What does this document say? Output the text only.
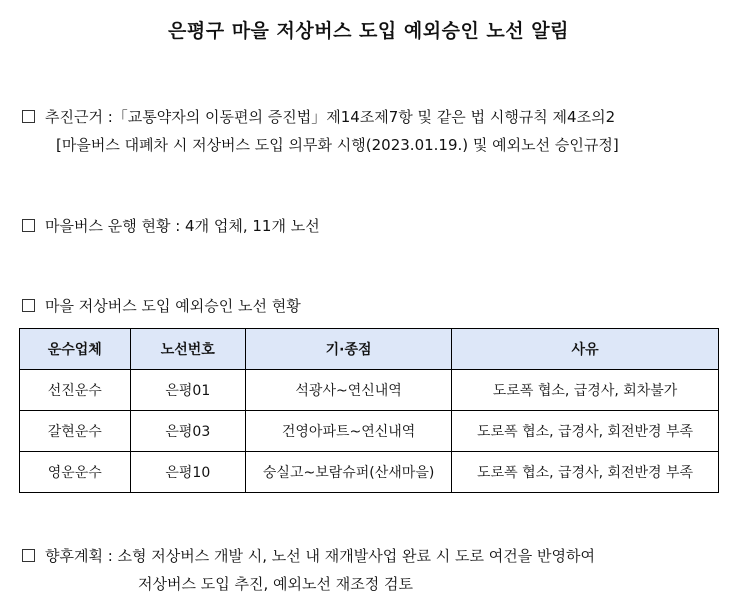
은평구 마을 저상버스 도입 예외승인 노선 알림
추진근거 :「교통약자의 이동편의 증진법」제14조제7항 및 같은 법 시행규칙 제4조의2
[마을버스 대폐차 시 저상버스 도입 의무화 시행(2023.01.19.) 및 예외노선 승인규정]
마을버스 운행 현황 : 4개 업체, 11개 노선
마을 저상버스 도입 예외승인 노선 현황
운수업체	노선번호	기·종점	사유
선진운수	은평01	석광사~연신내역	도로폭 협소, 급경사, 회차불가
갈현운수	은평03	건영아파트~연신내역	도로폭 협소, 급경사, 회전반경 부족
영운운수	은평10	숭실고~보람슈퍼(산새마을)	도로폭 협소, 급경사, 회전반경 부족
향후계획 : 소형 저상버스 개발 시, 노선 내 재개발사업 완료 시 도로 여건을 반영하여
저상버스 도입 추진, 예외노선 재조정 검토
